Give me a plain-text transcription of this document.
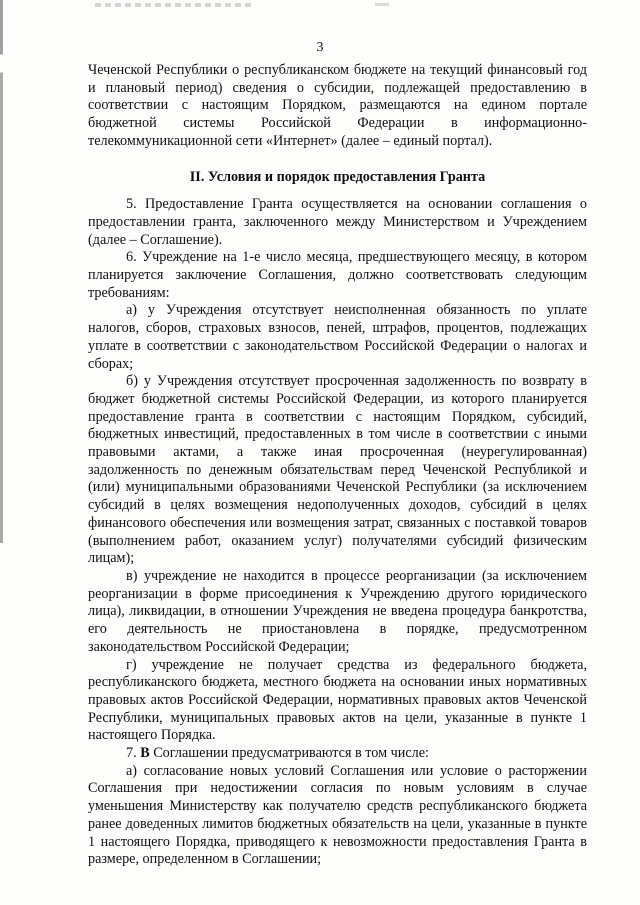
3

Чеченской Республики о республиканском бюджете на текущий финансовый год и плановый период) сведения о субсидии, подлежащей предоставлению в соответствии с настоящим Порядком, размещаются на едином портале бюджетной системы Российской Федерации в информационно-телекоммуникационной сети «Интернет» (далее – единый портал).

II. Условия и порядок предоставления Гранта

5. Предоставление Гранта осуществляется на основании соглашения о предоставлении гранта, заключенного между Министерством и Учреждением (далее – Соглашение).

6. Учреждение на 1-е число месяца, предшествующего месяцу, в котором планируется заключение Соглашения, должно соответствовать следующим требованиям:

а) у Учреждения отсутствует неисполненная обязанность по уплате налогов, сборов, страховых взносов, пеней, штрафов, процентов, подлежащих уплате в соответствии с законодательством Российской Федерации о налогах и сборах;

б) у Учреждения отсутствует просроченная задолженность по возврату в бюджет бюджетной системы Российской Федерации, из которого планируется предоставление гранта в соответствии с настоящим Порядком, субсидий, бюджетных инвестиций, предоставленных в том числе в соответствии с иными правовыми актами, а также иная просроченная (неурегулированная) задолженность по денежным обязательствам перед Чеченской Республикой и (или) муниципальными образованиями Чеченской Республики (за исключением субсидий в целях возмещения недополученных доходов, субсидий в целях финансового обеспечения или возмещения затрат, связанных с поставкой товаров (выполнением работ, оказанием услуг) получателями субсидий физическим лицам);

в) учреждение не находится в процессе реорганизации (за исключением реорганизации в форме присоединения к Учреждению другого юридического лица), ликвидации, в отношении Учреждения не введена процедура банкротства, его деятельность не приостановлена в порядке, предусмотренном законодательством Российской Федерации;

г) учреждение не получает средства из федерального бюджета, республиканского бюджета, местного бюджета на основании иных нормативных правовых актов Российской Федерации, нормативных правовых актов Чеченской Республики, муниципальных правовых актов на цели, указанные в пункте 1 настоящего Порядка.

7. В Соглашении предусматриваются в том числе:

а) согласование новых условий Соглашения или условие о расторжении Соглашения при недостижении согласия по новым условиям в случае уменьшения Министерству как получателю средств республиканского бюджета ранее доведенных лимитов бюджетных обязательств на цели, указанные в пункте 1 настоящего Порядка, приводящего к невозможности предоставления Гранта в размере, определенном в Соглашении;
